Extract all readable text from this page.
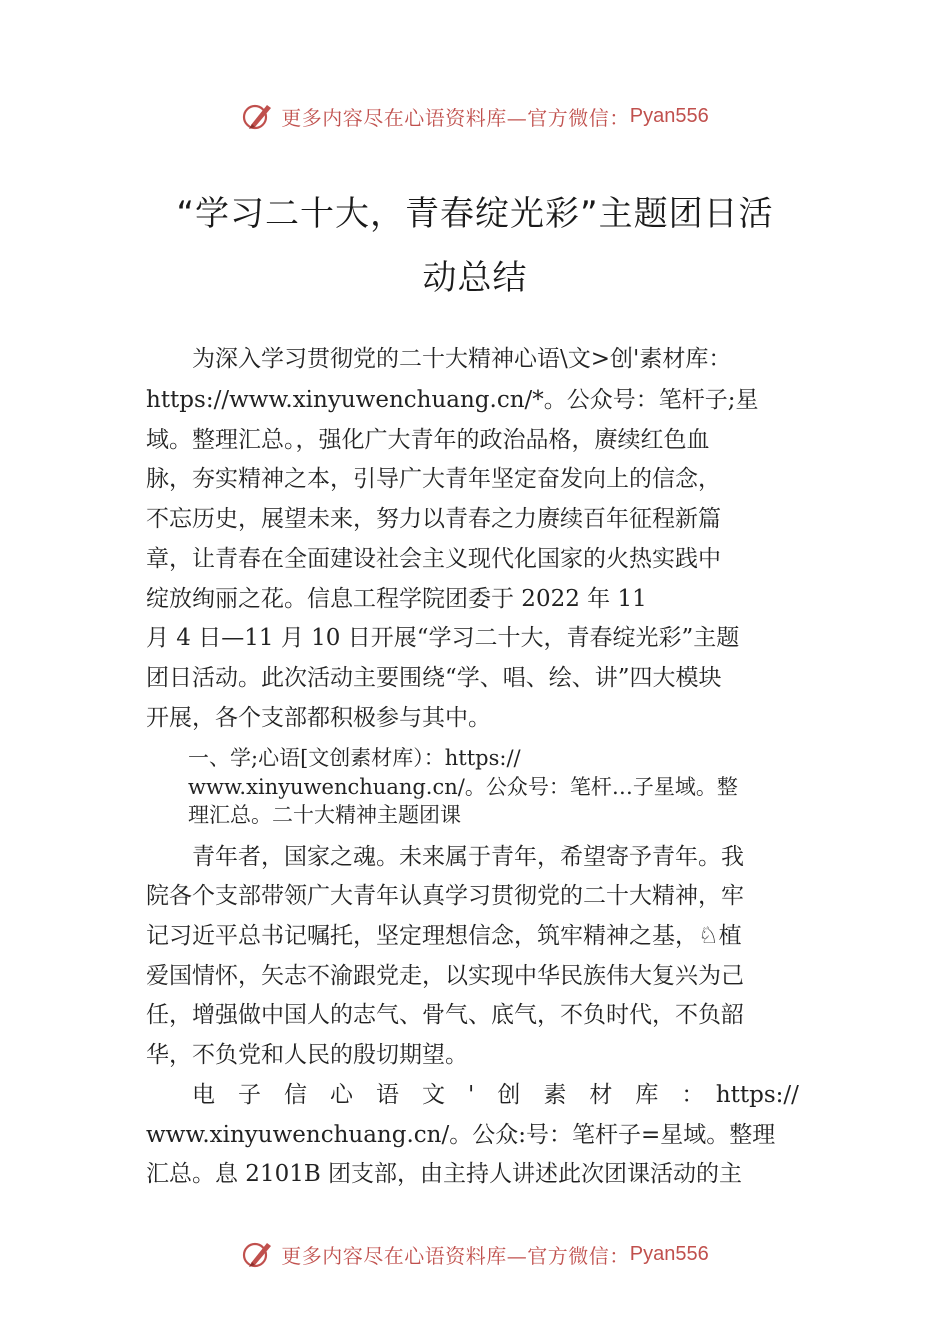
更多内容尽在心语资料库—官方微信： Pyan556
“学习二十大，青春绽光彩”主题团日活
动总结
　　为深入学习贯彻党的二十大精神心语\文>创'素材库：
https://www.xinyuwenchuang.cn/*。公众号：笔杆子;星
域。整理汇总。，强化广大青年的政治品格，赓续红色血
脉，夯实精神之本，引导广大青年坚定奋发向上的信念，
不忘历史，展望未来，努力以青春之力赓续百年征程新篇
章，让青春在全面建设社会主义现代化国家的火热实践中
绽放绚丽之花。信息工程学院团委于 2022 年 11
月 4 日—11 月 10 日开展“学习二十大，青春绽光彩”主题
团日活动。此次活动主要围绕“学、唱、绘、讲”四大模块
开展，各个支部都积极参与其中。
　　一、学;心语[文创素材库）：https://
　　www.xinyuwenchuang.cn/。公众号：笔杆…子星域。整
　　理汇总。二十大精神主题团课
　　青年者，国家之魂。未来属于青年，希望寄予青年。我
院各个支部带领广大青年认真学习贯彻党的二十大精神，牢
记习近平总书记嘱托，坚定理想信念，筑牢精神之基，♘植
爱国情怀，矢志不渝跟党走，以实现中华民族伟大复兴为己
任，增强做中国人的志气、骨气、底气，不负时代，不负韶
华，不负党和人民的殷切期望。
　　电　子　信　心　语　文　'　创　素　材　库　：　https://
www.xinyuwenchuang.cn/。公众:号：笔杆子=星域。整理
汇总。息 2101B 团支部，由主持人讲述此次团课活动的主
更多内容尽在心语资料库—官方微信： Pyan556
